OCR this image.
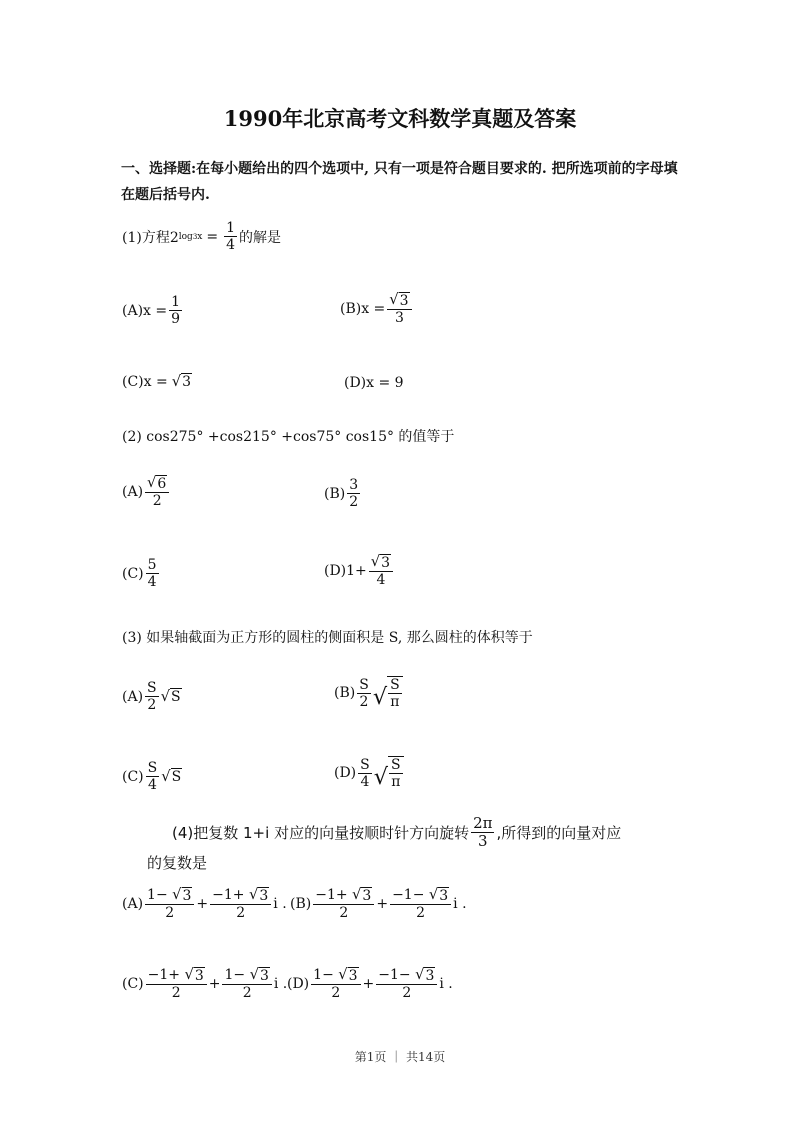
1990年北京高考文科数学真题及答案
一、选择题:在每小题给出的四个选项中, 只有一项是符合题目要求的. 把所选项前的字母填
在题后括号内.
(1)方程2 $\log 3x = \frac{1}{4}$ 的解是
$(A)x = \frac{1}{9}$	$(B)x = \frac{√ 3}{3}$
(C)x = √ 3	(D)x = 9
(2) cos275° +cos215° +cos75° cos15° 的值等于
$(A) \frac{√ 6}{2}$	$(B) \frac{3}{2}$
$(C) \frac{5}{4}$	$(D)1+ \frac{√ 3}{4}$
(3) 如果轴截面为正方形的圆柱的侧面积是 S, 那么圆柱的体积等于
$(A) \frac{S}{2}$ √ S	$(B) \frac{S}{2}$ √ $\frac{S}{\pi}$
$(C) \frac{S}{4}$ √ S	$(D) \frac{S}{4}$ √ $\frac{S}{\pi}$
(4)把复数 1+i 对应的向量按顺时针方向旋转 $\frac{2\pi}{3}$ ,所得到的向量对应
的复数是
$(A) \frac{1- √ 3}{2} + \frac{-1+ √ 3}{2}$ i . $(B) \frac{-1+ √ 3}{2} + \frac{-1- √ 3}{2}$ i .
$(C) \frac{-1+ √ 3}{2} + \frac{1- √ 3}{2}$ i . $(D) \frac{1- √ 3}{2} + \frac{-1- √ 3}{2}$ i .
第1页 ｜ 共14页
